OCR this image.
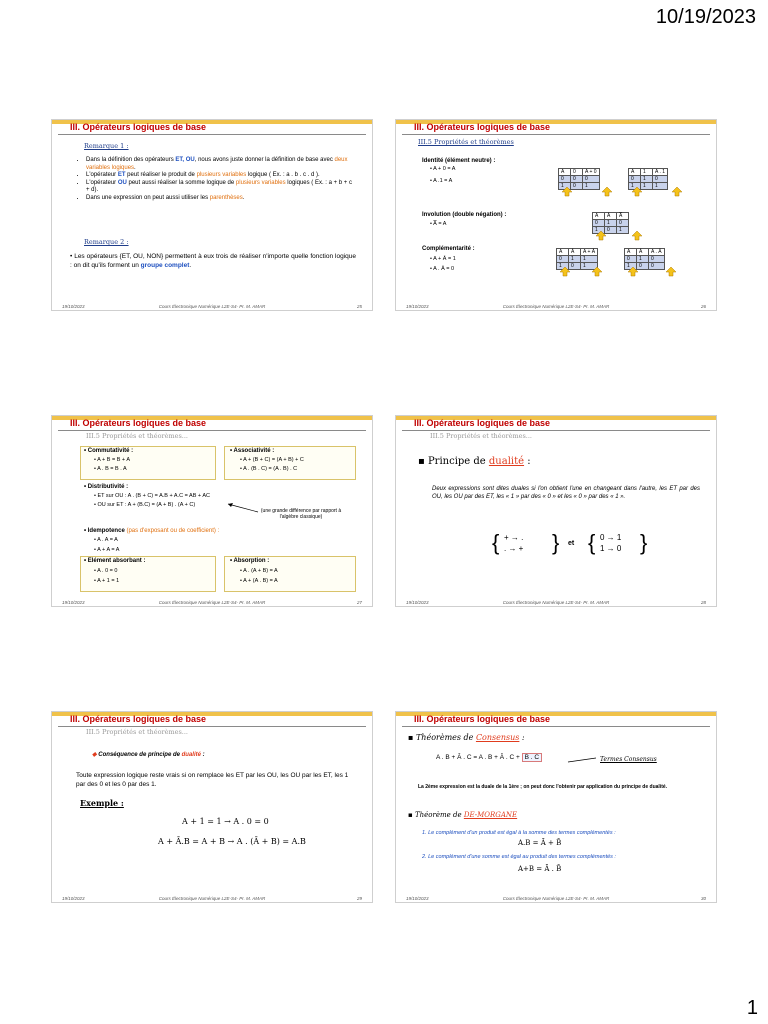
10/19/2023
III. Opérateurs logiques de base
Remarque 1 :
• Dans la définition des opérateurs ET, OU, nous avons juste donner la définition de base avec deux variables logiques.
• L'opérateur ET peut réaliser le produit de plusieurs variables logique ( Ex. : a . b . c . d ).
• L'opérateur OU peut aussi réaliser la somme logique de plusieurs variables logiques ( Ex. : a + b + c + d).
• Dans une expression on peut aussi utiliser les parenthèses.
Remarque 2 :
• Les opérateurs {ET, OU, NON} permettent à eux trois de réaliser n'importe quelle fonction logique : on dit qu'ils forment un groupe complet.
19/10/2023	Cours Électronique Numérique L2E-S4- Pr. M. AMAR	25
III. Opérateurs logiques de base
III.5 Propriétés et théorèmes
Identité (élément neutre) :
• A + 0 = A
• A .1 = A
A	0	A + 0
0	0	0
1	0	1
A	1	A . 1
0	1	0
1	1	1
Involution (double négation) :
• A̿ = A
A	Ā	A̿
0	1	0
1	0	1
Complémentarité :
• A + Ā = 1
• A . Ā = 0
A	Ā	A + Ā
0	1	1
1	0	1
A	Ā	A . Ā
0	1	0
1	0	0
19/10/2023	Cours Électronique Numérique L2E-S4- Pr. M. AMAR	26
III. Opérateurs logiques de base
III.5 Propriétés et théorèmes...
• Commutativité :
• A + B = B + A
• A . B = B . A
• Associativité :
• A + (B + C) = (A + B) + C
• A . (B . C) = (A . B) . C
• Distributivité :
• ET sur OU : A . (B + C) = A.B + A.C = AB + AC
• OU sur ET : A + (B.C) = (A + B) . (A + C)
(une grande différence par rapport à l'algèbre classique)
• Idempotence (pas d'exposant ou de coefficient) :
• A . A = A
• A + A = A
• Elément absorbant :
• A . 0 = 0
• A + 1 = 1
• Absorption :
• A . (A + B) = A
• A + (A . B) = A
19/10/2023	Cours Électronique Numérique L2E-S4- Pr. M. AMAR	27
III. Opérateurs logiques de base
III.5 Propriétés et théorèmes...
▪ Principe de dualité :
Deux expressions sont dites duales si l'on obtient l'une en changeant dans l'autre, les ET par des OU, les OU par des ET, les « 1 » par des « 0 » et les « 0 » par des « 1 ».
{ + → .
. → + } et { 0 → 1
1 → 0 }
19/10/2023	Cours Électronique Numérique L2E-S4- Pr. M. AMAR	28
III. Opérateurs logiques de base
III.5 Propriétés et théorèmes...
◆ Conséquence de principe de dualité :
Toute expression logique reste vrais si on remplace les ET par les OU, les OU par les ET, les 1 par des 0 et les 0 par des 1.
Exemple :
A + 1 = 1 → A . 0 = 0
A + Ā.B = A + B → A . (Ā + B) = A.B
19/10/2023	Cours Électronique Numérique L2E-S4- Pr. M. AMAR	29
III. Opérateurs logiques de base
▪ Théorèmes de Consensus :
A . B + Ā . C = A . B + Ā . C + B . C	Termes Consensus
La 2ème expression est la duale de la 1ère ; on peut donc l'obtenir par application du principe de dualité.
▪ Théorème de DE-MORGANE
1. Le complément d'un produit est égal à la somme des termes complémentés :
A.B = Ā + B̄
2. Le complément d'une somme est égal au produit des termes complémentés :
A+B = Ā . B̄
19/10/2023	Cours Électronique Numérique L2E-S4- Pr. M. AMAR	30
1
